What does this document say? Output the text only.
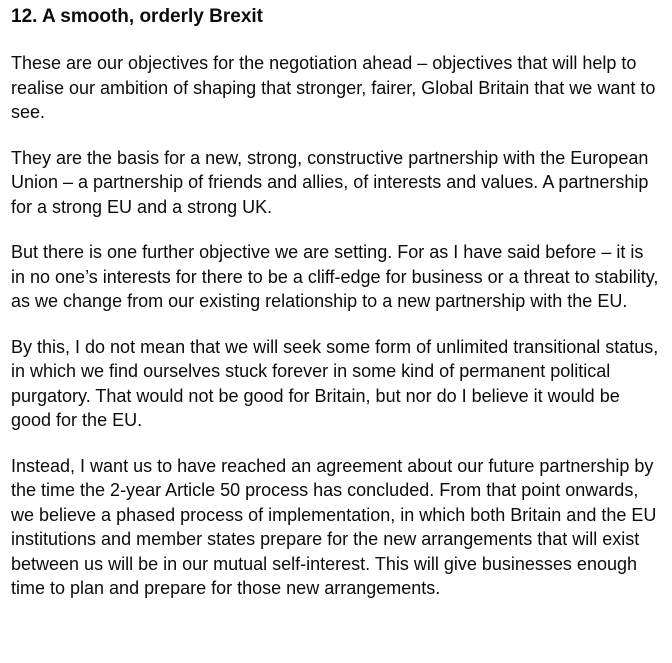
12. A smooth, orderly Brexit

These are our objectives for the negotiation ahead – objectives that will help to realise our ambition of shaping that stronger, fairer, Global Britain that we want to see.

They are the basis for a new, strong, constructive partnership with the European Union – a partnership of friends and allies, of interests and values. A partnership for a strong EU and a strong UK.

But there is one further objective we are setting. For as I have said before – it is in no one’s interests for there to be a cliff-edge for business or a threat to stability, as we change from our existing relationship to a new partnership with the EU.

By this, I do not mean that we will seek some form of unlimited transitional status, in which we find ourselves stuck forever in some kind of permanent political purgatory. That would not be good for Britain, but nor do I believe it would be good for the EU.

Instead, I want us to have reached an agreement about our future partnership by the time the 2-year Article 50 process has concluded. From that point onwards, we believe a phased process of implementation, in which both Britain and the EU institutions and member states prepare for the new arrangements that will exist between us will be in our mutual self-interest. This will give businesses enough time to plan and prepare for those new arrangements.
